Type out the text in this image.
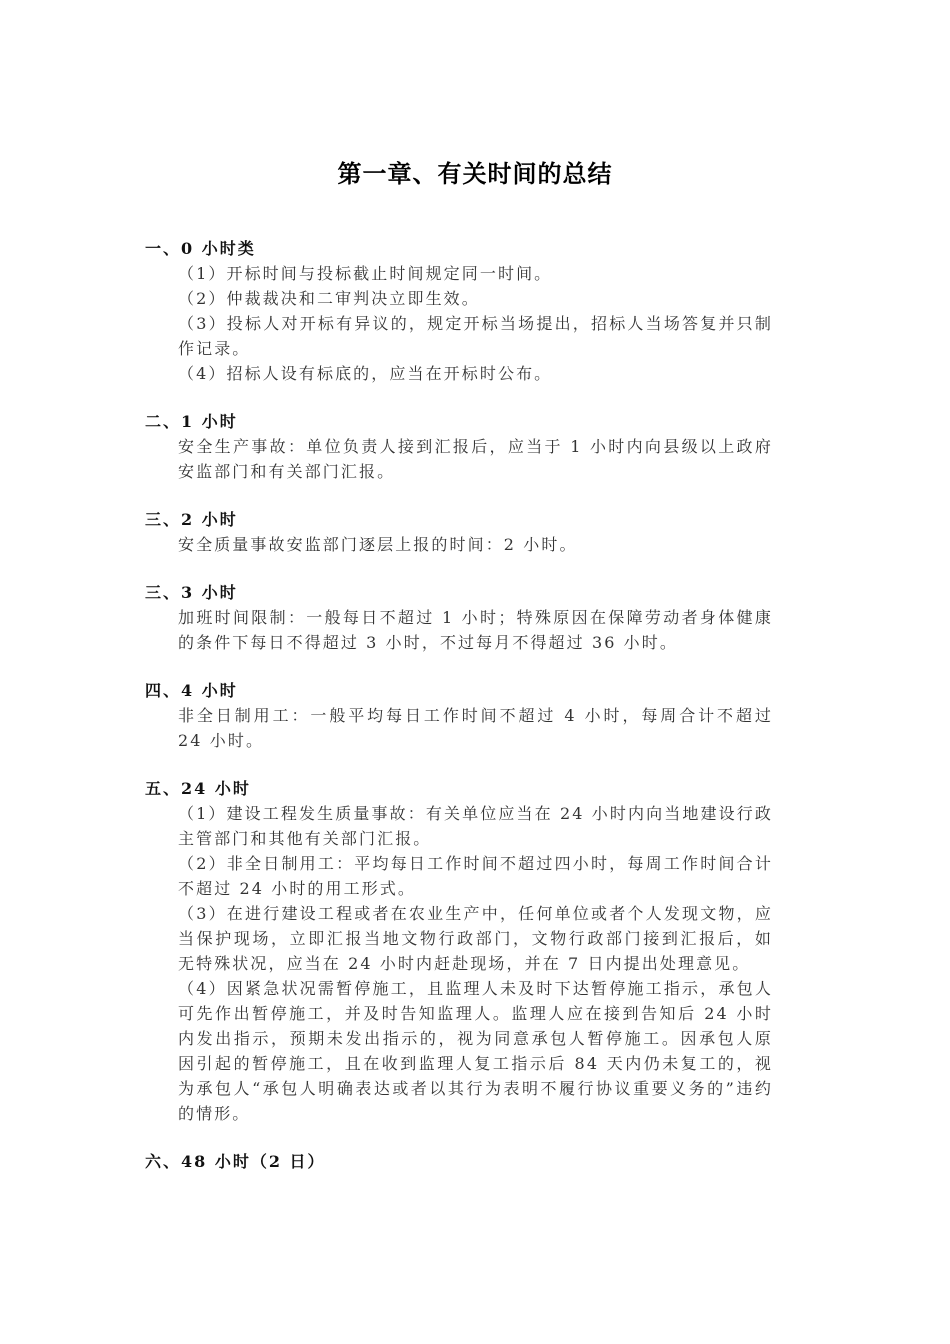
第一章、有关时间的总结
一、0 小时类
（1）开标时间与投标截止时间规定同一时间。
（2）仲裁裁决和二审判决立即生效。
（3）投标人对开标有异议的，规定开标当场提出，招标人当场答复并只制作记录。
（4）招标人设有标底的，应当在开标时公布。
二、1 小时
安全生产事故：单位负责人接到汇报后，应当于 1 小时内向县级以上政府安监部门和有关部门汇报。
三、2 小时
安全质量事故安监部门逐层上报的时间：2 小时。
三、3 小时
加班时间限制：一般每日不超过 1 小时；特殊原因在保障劳动者身体健康的条件下每日不得超过 3 小时，不过每月不得超过 36 小时。
四、4 小时
非全日制用工：一般平均每日工作时间不超过 4 小时，每周合计不超过 24 小时。
五、24 小时
（1）建设工程发生质量事故：有关单位应当在 24 小时内向当地建设行政主管部门和其他有关部门汇报。
（2）非全日制用工：平均每日工作时间不超过四小时，每周工作时间合计不超过 24 小时的用工形式。
（3）在进行建设工程或者在农业生产中，任何单位或者个人发现文物，应当保护现场，立即汇报当地文物行政部门，文物行政部门接到汇报后，如无特殊状况，应当在 24 小时内赶赴现场，并在 7 日内提出处理意见。
（4）因紧急状况需暂停施工，且监理人未及时下达暂停施工指示，承包人可先作出暂停施工，并及时告知监理人。监理人应在接到告知后 24 小时内发出指示，预期未发出指示的，视为同意承包人暂停施工。因承包人原因引起的暂停施工，且在收到监理人复工指示后 84 天内仍未复工的，视为承包人“承包人明确表达或者以其行为表明不履行协议重要义务的”违约的情形。
六、48 小时（2 日）
